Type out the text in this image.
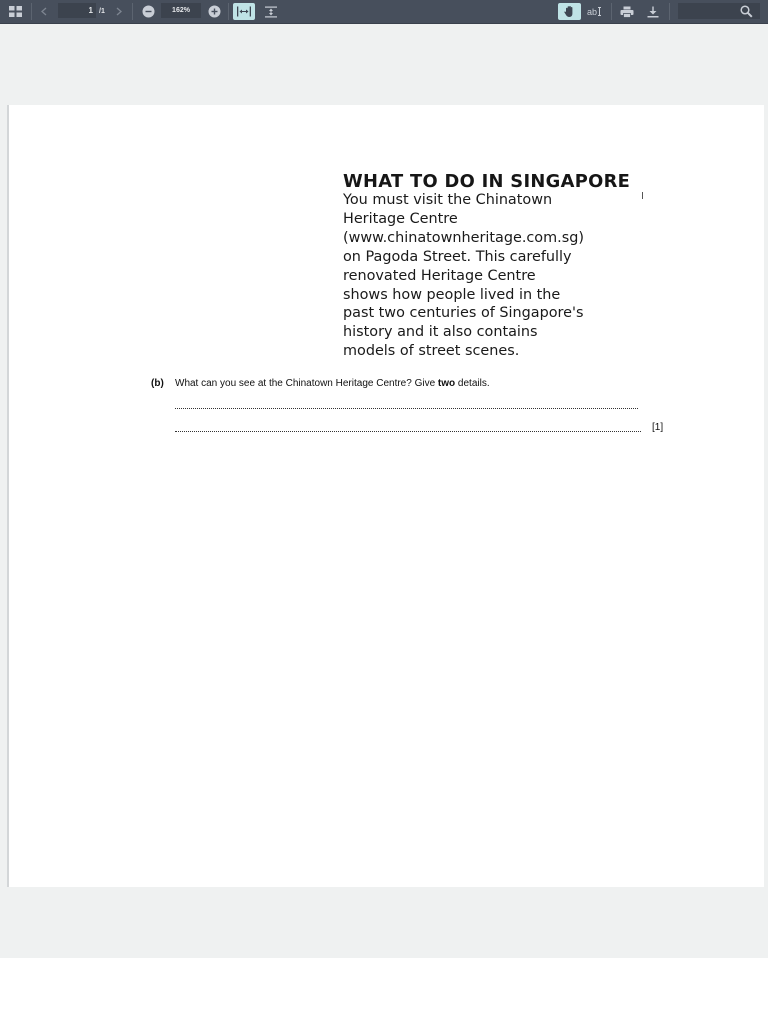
1 /1	162%	ab
WHAT TO DO IN SINGAPORE
You must visit the Chinatown
Heritage Centre
(www.chinatownheritage.com.sg)
on Pagoda Street. This carefully
renovated Heritage Centre
shows how people lived in the
past two centuries of Singapore's
history and it also contains
models of street scenes.
(b) What can you see at the Chinatown Heritage Centre? Give two details.
[1]
